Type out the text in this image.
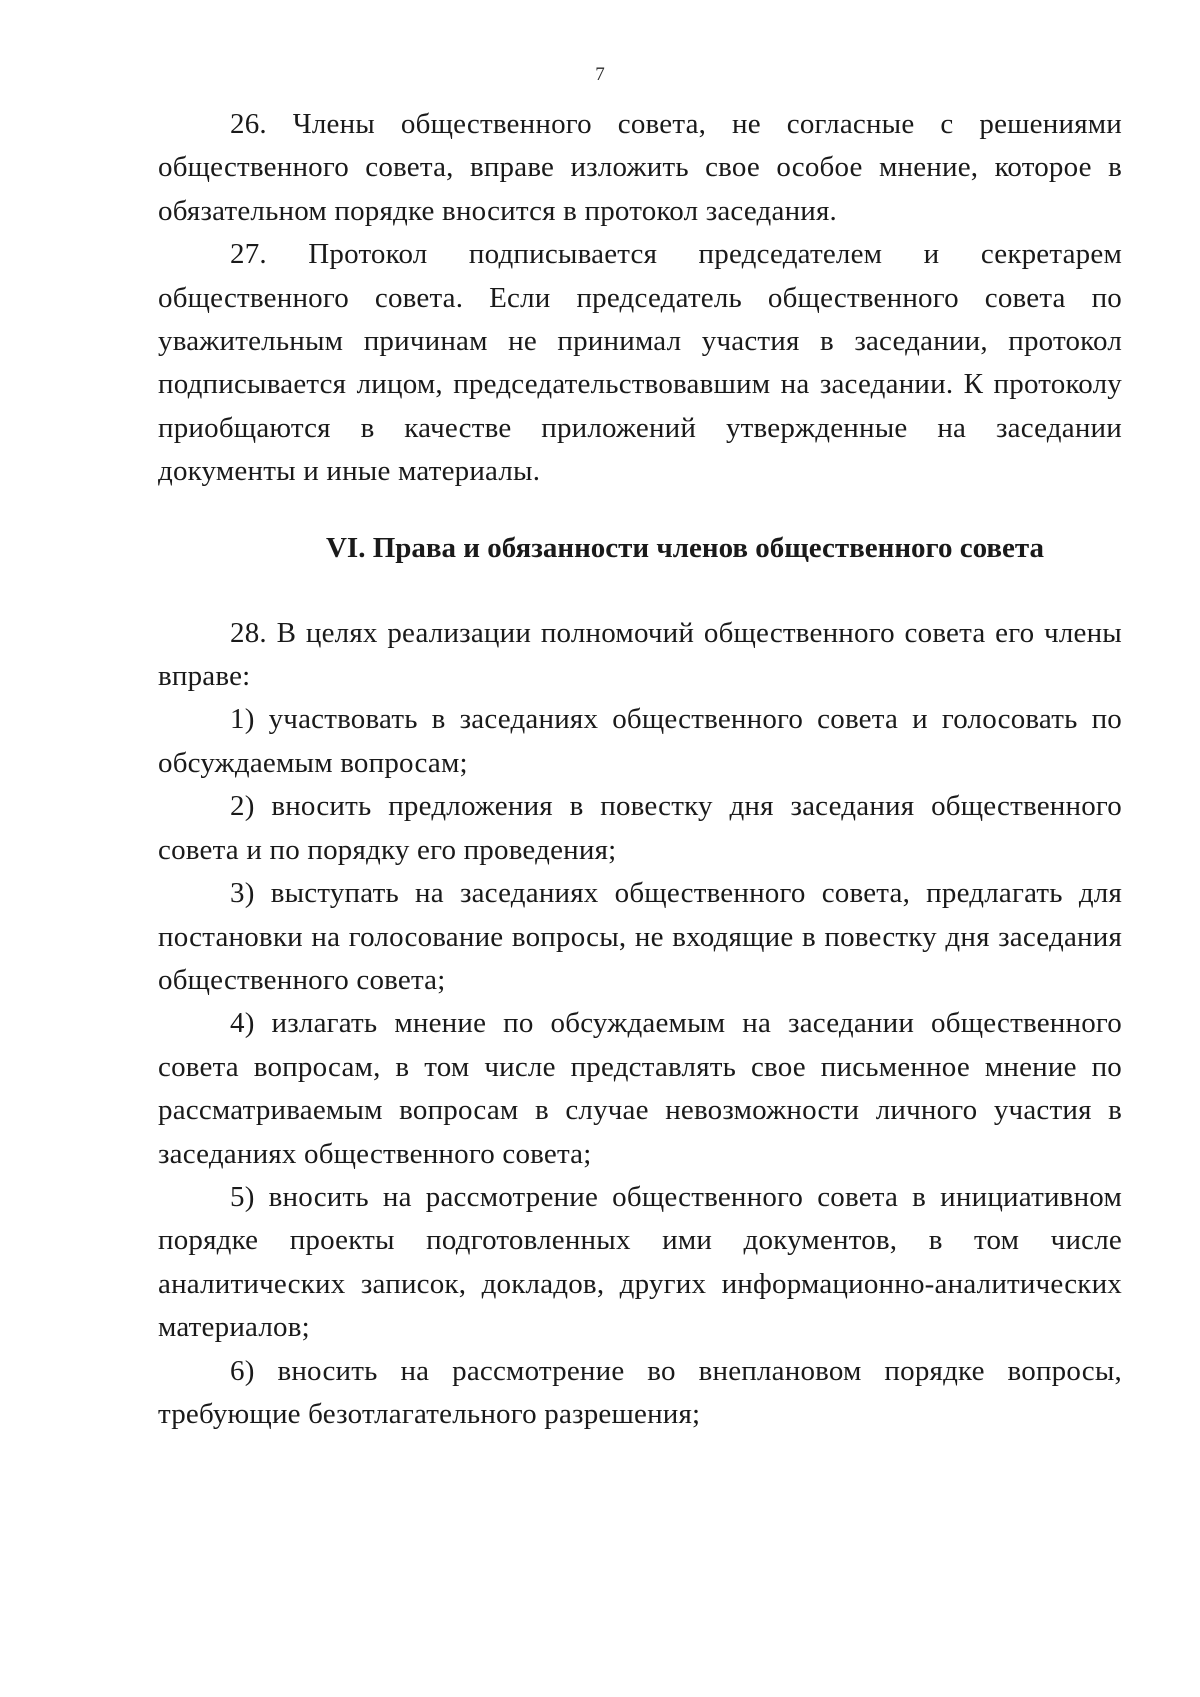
7

26. Члены общественного совета, не согласные с решениями общественного совета, вправе изложить свое особое мнение, которое в обязательном порядке вносится в протокол заседания.

27. Протокол подписывается председателем и секретарем общественного совета. Если председатель общественного совета по уважительным причинам не принимал участия в заседании, протокол подписывается лицом, председательствовавшим на заседании. К протоколу приобщаются в качестве приложений утвержденные на заседании документы и иные материалы.

VI. Права и обязанности членов общественного совета

28. В целях реализации полномочий общественного совета его члены вправе:

1) участвовать в заседаниях общественного совета и голосовать по обсуждаемым вопросам;

2) вносить предложения в повестку дня заседания общественного совета и по порядку его проведения;

3) выступать на заседаниях общественного совета, предлагать для постановки на голосование вопросы, не входящие в повестку дня заседания общественного совета;

4) излагать мнение по обсуждаемым на заседании общественного совета вопросам, в том числе представлять свое письменное мнение по рассматриваемым вопросам в случае невозможности личного участия в заседаниях общественного совета;

5) вносить на рассмотрение общественного совета в инициативном порядке проекты подготовленных ими документов, в том числе аналитических записок, докладов, других информационно-аналитических материалов;

6) вносить на рассмотрение во внеплановом порядке вопросы, требующие безотлагательного разрешения;
